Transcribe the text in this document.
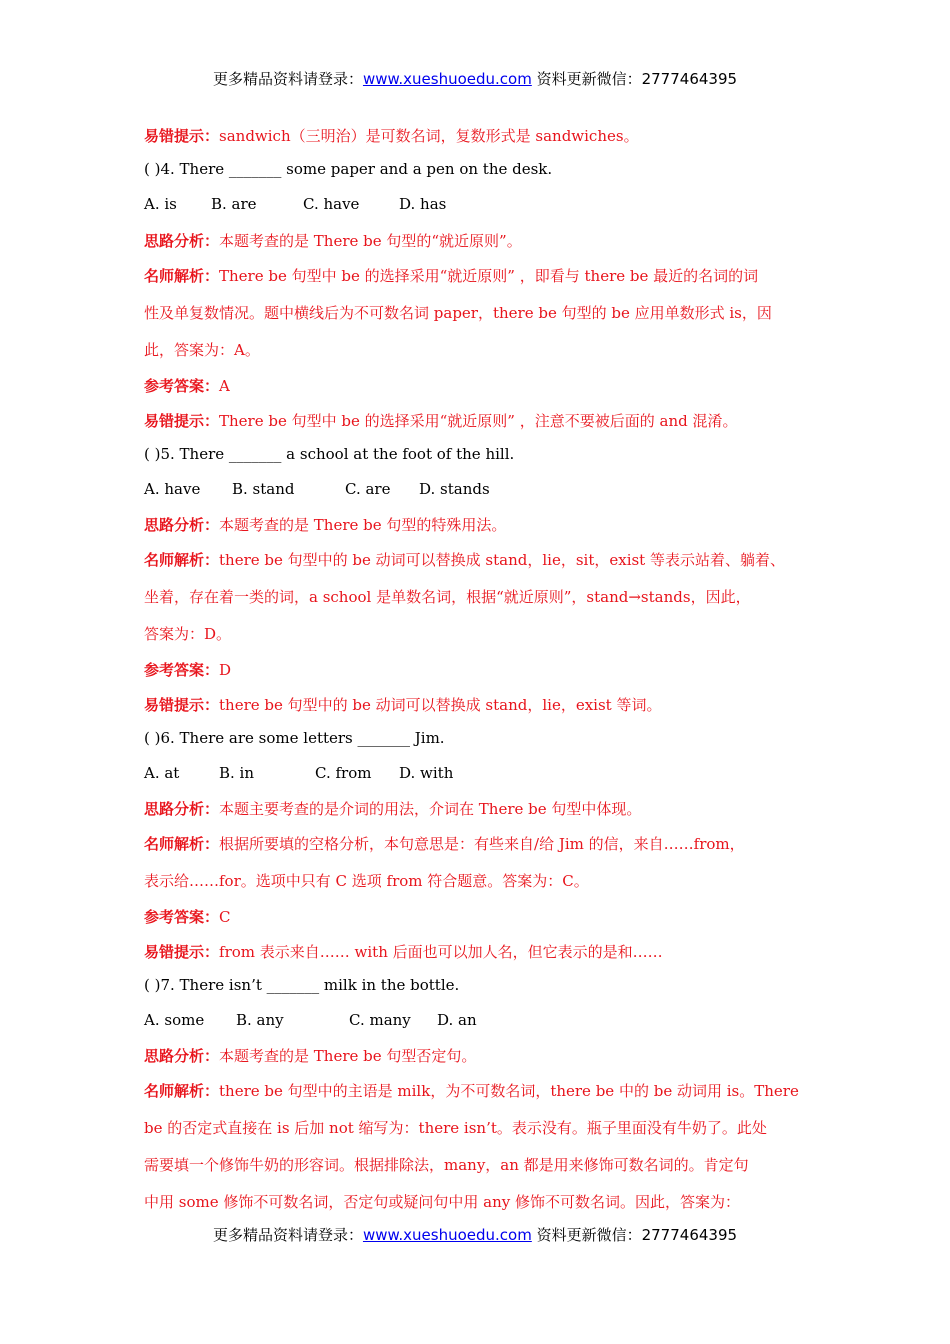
更多精品资料请登录：www.xueshuoedu.com 资料更新微信：2777464395
易错提示：sandwich（三明治）是可数名词，复数形式是 sandwiches。
( )4. There _______ some paper and a pen on the desk.
A. is B. are	C. have	D. has
思路分析：本题考查的是 There be 句型的“就近原则”。
名师解析：There be 句型中 be 的选择采用“就近原则” ，即看与 there be 最近的名词的词
性及单复数情况。题中横线后为不可数名词 paper，there be 句型的 be 应用单数形式 is，因
此，答案为：A。
参考答案：A
易错提示：There be 句型中 be 的选择采用“就近原则” ，注意不要被后面的 and 混淆。
( )5. There _______ a school at the foot of the hill.
A. have B. stand	C. are D. stands
思路分析：本题考查的是 There be 句型的特殊用法。
名师解析：there be 句型中的 be 动词可以替换成 stand，lie，sit，exist 等表示站着、躺着、
坐着，存在着一类的词，a school 是单数名词，根据“就近原则”，stand→stands，因此，
答案为：D。
参考答案：D
易错提示：there be 句型中的 be 动词可以替换成 stand，lie，exist 等词。
( )6. There are some letters _______ Jim.
A. at	B. in	C. from D. with
思路分析：本题主要考查的是介词的用法，介词在 There be 句型中体现。
名师解析：根据所要填的空格分析，本句意思是：有些来自/给 Jim 的信，来自……from，
表示给……for。选项中只有 C 选项 from 符合题意。答案为：C。
参考答案：C
易错提示：from 表示来自…… with 后面也可以加人名，但它表示的是和……
( )7. There isn’t _______ milk in the bottle.
A. some B. any	C. many D. an
思路分析：本题考查的是 There be 句型否定句。
名师解析：there be 句型中的主语是 milk，为不可数名词，there be 中的 be 动词用 is。There
be 的否定式直接在 is 后加 not 缩写为：there isn’t。表示没有。瓶子里面没有牛奶了。此处
需要填一个修饰牛奶的形容词。根据排除法，many，an 都是用来修饰可数名词的。肯定句
中用 some 修饰不可数名词，否定句或疑问句中用 any 修饰不可数名词。因此，答案为：
更多精品资料请登录：www.xueshuoedu.com 资料更新微信：2777464395
